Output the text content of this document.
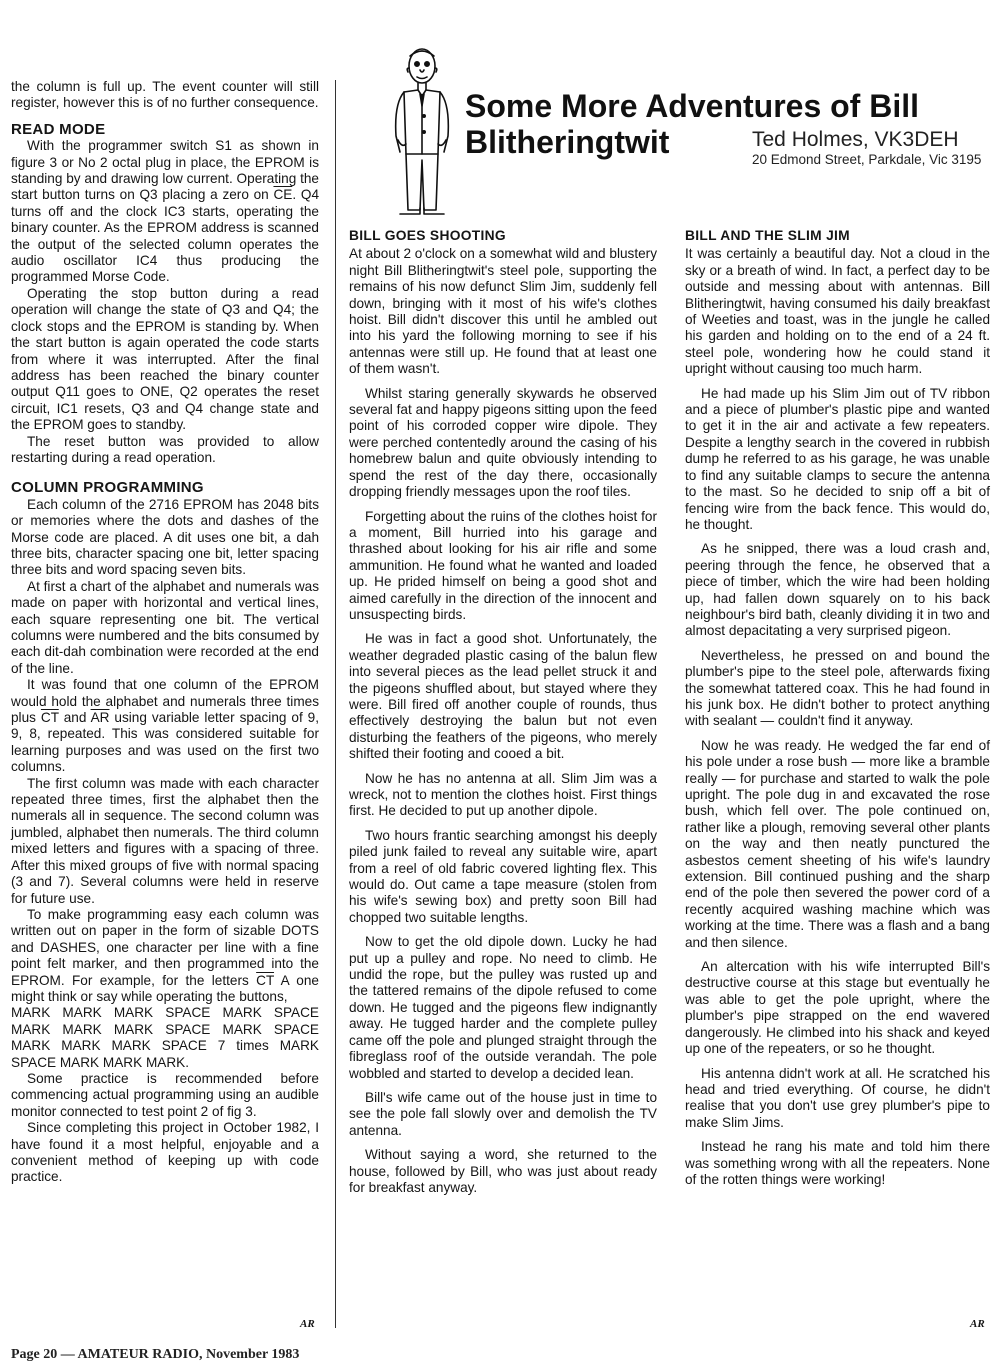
the column is full up. The event counter will still register, however this is of no further consequence.

READ MODE

With the programmer switch S1 as shown in figure 3 or No 2 octal plug in place, the EPROM is standing by and drawing low current. Operating the start button turns on Q3 placing a zero on $\overline{CE}$. Q4 turns off and the clock IC3 starts, operating the binary counter. As the EPROM address is scanned the output of the selected column operates the audio oscillator IC4 thus producing the programmed Morse Code.

Operating the stop button during a read operation will change the state of Q3 and Q4; the clock stops and the EPROM is standing by. When the start button is again operated the code starts from where it was interrupted. After the final address has been reached the binary counter output Q11 goes to ONE, Q2 operates the reset circuit, IC1 resets, Q3 and Q4 change state and the EPROM goes to standby.

The reset button was provided to allow restarting during a read operation.

COLUMN PROGRAMMING

Each column of the 2716 EPROM has 2048 bits or memories where the dots and dashes of the Morse code are placed. A dit uses one bit, a dah three bits, character spacing one bit, letter spacing three bits and word spacing seven bits.

At first a chart of the alphabet and numerals was made on paper with horizontal and vertical lines, each square representing one bit. The vertical columns were numbered and the bits consumed by each dit-dah combination were recorded at the end of the line.

It was found that one column of the EPROM would hold the alphabet and numerals three times plus $\overline{CT}$ and $\overline{AR}$ using variable letter spacing of 9, 9, 8, repeated. This was considered suitable for learning purposes and was used on the first two columns.

The first column was made with each character repeated three times, first the alphabet then the numerals all in sequence. The second column was jumbled, alphabet then numerals. The third column mixed letters and figures with a spacing of three. After this mixed groups of five with normal spacing (3 and 7). Several columns were held in reserve for future use.

To make programming easy each column was written out on paper in the form of sizable DOTS and DASHES, one character per line with a fine point felt marker, and then programmed into the EPROM. For example, for the letters $\overline{CT}$ A one might think or say while operating the buttons,

MARK MARK MARK SPACE MARK SPACE MARK MARK MARK SPACE MARK SPACE MARK MARK MARK SPACE 7 times MARK SPACE MARK MARK MARK.

Some practice is recommended before commencing actual programming using an audible monitor connected to test point 2 of fig 3.

Since completing this project in October 1982, I have found it a most helpful, enjoyable and a convenient method of keeping up with code practice.

AR
Some More Adventures of Bill
Blitheringtwit	Ted Holmes, VK3DEH
20 Edmond Street, Parkdale, Vic 3195
BILL GOES SHOOTING

At about 2 o'clock on a somewhat wild and blustery night Bill Blitheringtwit's steel pole, supporting the remains of his now defunct Slim Jim, suddenly fell down, bringing with it most of his wife's clothes hoist. Bill didn't discover this until he ambled out into his yard the following morning to see if his antennas were still up. He found that at least one of them wasn't.

Whilst staring generally skywards he observed several fat and happy pigeons sitting upon the feed point of his corroded copper wire dipole. They were perched contentedly around the casing of his homebrew balun and quite obviously intending to spend the rest of the day there, occasionally dropping friendly messages upon the roof tiles.

Forgetting about the ruins of the clothes hoist for a moment, Bill hurried into his garage and thrashed about looking for his air rifle and some ammunition. He found what he wanted and loaded up. He prided himself on being a good shot and aimed carefully in the direction of the innocent and unsuspecting birds.

He was in fact a good shot. Unfortunately, the weather degraded plastic casing of the balun flew into several pieces as the lead pellet struck it and the pigeons shuffled about, but stayed where they were. Bill fired off another couple of rounds, thus effectively destroying the balun but not even disturbing the feathers of the pigeons, who merely shifted their footing and cooed a bit.

Now he has no antenna at all. Slim Jim was a wreck, not to mention the clothes hoist. First things first. He decided to put up another dipole.

Two hours frantic searching amongst his deeply piled junk failed to reveal any suitable wire, apart from a reel of old fabric covered lighting flex. This would do. Out came a tape measure (stolen from his wife's sewing box) and pretty soon Bill had chopped two suitable lengths.

Now to get the old dipole down. Lucky he had put up a pulley and rope. No need to climb. He undid the rope, but the pulley was rusted up and the tattered remains of the dipole refused to come down. He tugged and the pigeons flew indignantly away. He tugged harder and the complete pulley came off the pole and plunged straight through the fibreglass roof of the outside verandah. The pole wobbled and started to develop a decided lean.

Bill's wife came out of the house just in time to see the pole fall slowly over and demolish the TV antenna.

Without saying a word, she returned to the house, followed by Bill, who was just about ready for breakfast anyway.

BILL AND THE SLIM JIM

It was certainly a beautiful day. Not a cloud in the sky or a breath of wind. In fact, a perfect day to be outside and messing about with antennas. Bill Blitheringtwit, having consumed his daily breakfast of Weeties and toast, was in the jungle he called his garden and holding on to the end of a 24 ft. steel pole, wondering how he could stand it upright without causing too much harm.

He had made up his Slim Jim out of TV ribbon and a piece of plumber's plastic pipe and wanted to get it in the air and activate a few repeaters. Despite a lengthy search in the covered in rubbish dump he referred to as his garage, he was unable to find any suitable clamps to secure the antenna to the mast. So he decided to snip off a bit of fencing wire from the back fence. This would do, he thought.

As he snipped, there was a loud crash and, peering through the fence, he observed that a piece of timber, which the wire had been holding up, had fallen down squarely on to his back neighbour's bird bath, cleanly dividing it in two and almost depacitating a very surprised pigeon.

Nevertheless, he pressed on and bound the plumber's pipe to the steel pole, afterwards fixing the somewhat tattered coax. This he had found in his junk box. He didn't bother to protect anything with sealant — couldn't find it anyway.

Now he was ready. He wedged the far end of his pole under a rose bush — more like a bramble really — for purchase and started to walk the pole upright. The pole dug in and excavated the rose bush, which fell over. The pole continued on, rather like a plough, removing several other plants on the way and then neatly punctured the asbestos cement sheeting of his wife's laundry extension. Bill continued pushing and the sharp end of the pole then severed the power cord of a recently acquired washing machine which was working at the time. There was a flash and a bang and then silence.

An altercation with his wife interrupted Bill's destructive course at this stage but eventually he was able to get the pole upright, where the plumber's pipe strapped on the end wavered dangerously. He climbed into his shack and keyed up one of the repeaters, or so he thought.

His antenna didn't work at all. He scratched his head and tried everything. Of course, he didn't realise that you don't use grey plumber's pipe to make Slim Jims.

Instead he rang his mate and told him there was something wrong with all the repeaters. None of the rotten things were working!

AR
Page 20 — AMATEUR RADIO, November 1983
